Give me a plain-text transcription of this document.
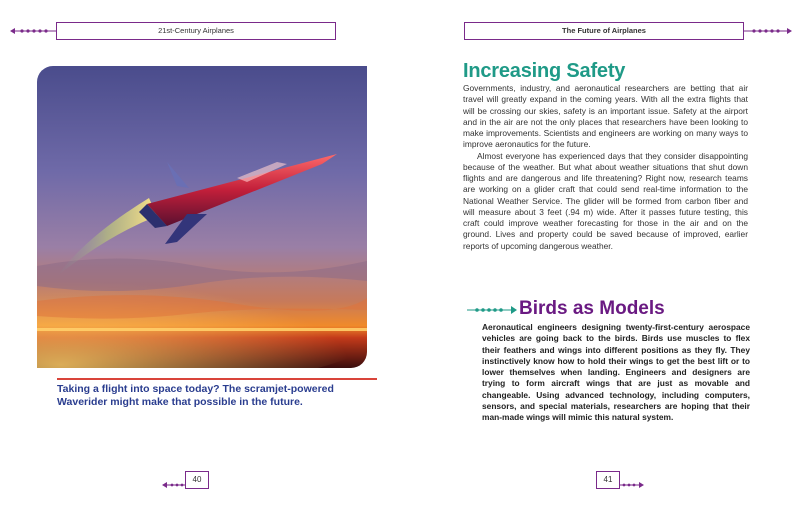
21st-Century Airplanes	The Future of Airplanes
Taking a flight into space today? The scramjet-powered Waverider might make that possible in the future.
Increasing Safety

Governments, industry, and aeronautical researchers are betting that air travel will greatly expand in the coming years. With all the extra flights that will be crossing our skies, safety is an important issue. Safety at the airport and in the air are not the only places that researchers have been looking to make improvements. Scientists and engineers are working on many ways to improve aeronautics for the future.

Almost everyone has experienced days that they consider disappointing because of the weather. But what about weather situations that shut down flights and are dangerous and life threatening? Right now, research teams are working on a glider craft that could send real-time information to the National Weather Service. The glider will be formed from carbon fiber and will measure about 3 feet (.94 m) wide. After it passes future testing, this craft could improve weather forecasting for those in the air and on the ground. Lives and property could be saved because of improved, earlier reports of upcoming dangerous weather.

Birds as Models
Aeronautical engineers designing twenty-first-century aerospace vehicles are going back to the birds. Birds use muscles to flex their feathers and wings into different positions as they fly. They instinctively know how to hold their wings to get the best lift or to lower themselves when landing. Engineers and designers are trying to form aircraft wings that are just as movable and changeable. Using advanced technology, including computers, sensors, and special materials, researchers are hoping that their man-made wings will mimic this natural system.
40	41
